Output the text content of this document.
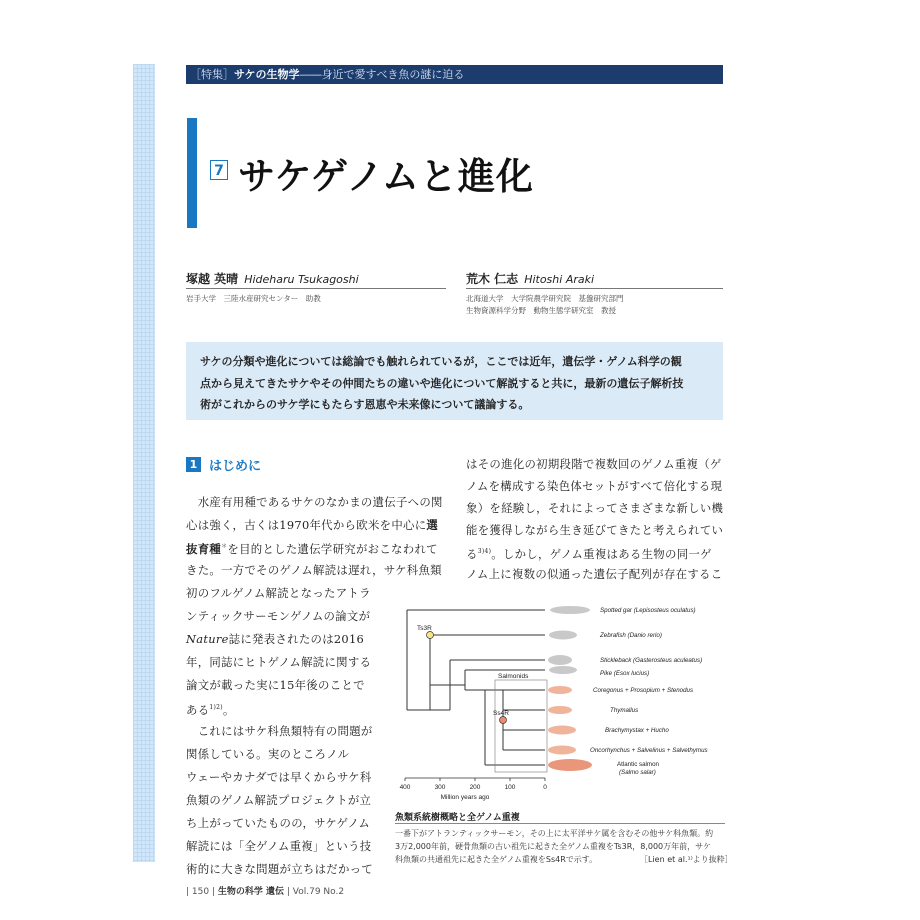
［特集］サケの生物学――身近で愛すべき魚の謎に迫る
7 サケゲノムと進化
塚越 英晴 Hideharu Tsukagoshi
岩手大学　三陸水産研究センター　助教
荒木 仁志 Hitoshi Araki
北海道大学　大学院農学研究院　基盤研究部門
生物資源科学分野　動物生態学研究室　教授
サケの分類や進化については総論でも触れられているが，ここでは近年，遺伝学・ゲノム科学の観
点から見えてきたサケやその仲間たちの違いや進化について解説すると共に，最新の遺伝子解析技
術がこれからのサケ学にもたらす恩恵や未来像について議論する。
1 はじめに
　水産有用種であるサケのなかまの遺伝子への関
心は強く，古くは1970年代から欧米を中心に選
抜育種＊を目的とした遺伝学研究がおこなわれて
きた。一方でそのゲノム解読は遅れ，サケ科魚類
初のフルゲノム解読となったアトラ
ンティックサーモンゲノムの論文が
Nature誌に発表されたのは2016
年，同誌にヒトゲノム解読に関する
論文が載った実に15年後のことで
ある$^{1)2)}$。
　これにはサケ科魚類特有の問題が
関係している。実のところノル
ウェーやカナダでは早くからサケ科
魚類のゲノム解読プロジェクトが立
ち上がっていたものの，サケゲノム
解読には「全ゲノム重複」という技
術的に大きな問題が立ちはだかって
はその進化の初期段階で複数回のゲノム重複（ゲ
ノムを構成する染色体セットがすべて倍化する現
象）を経験し，それによってさまざまな新しい機
能を獲得しながら生き延びてきたと考えられてい
る$^{3)4)}$。しかし，ゲノム重複はある生物の同一ゲ
ノム上に複数の似通った遺伝子配列が存在するこ
Ts3R
Salmonids
Ss4R
Spotted gar (Lepisosteus oculatus)
Zebrafish (Danio rerio)
Stickleback (Gasterosteus aculeatus)
Pike (Esox lucius)
Coregonus + Prosopium + Stenodus
Thymallus
Brachymystax + Hucho
Oncorhynchus + Salvelinus + Salvethymus
Atlantic salmon
(Salmo salar)
400	300	200	100	0
Million years ago
魚類系統樹概略と全ゲノム重複
一番下がアトランティックサーモン，その上に太平洋サケ属を含むその他サケ科魚類。約
3万2,000年前，硬骨魚類の古い祖先に起きた全ゲノム重複をTs3R，8,000万年前，サケ
科魚類の共通祖先に起きた全ゲノム重複をSs4Rで示す。	［Lien et al.¹⁾より抜粋］
| 150 | 生物の科学 遺伝 | Vol.79 No.2
